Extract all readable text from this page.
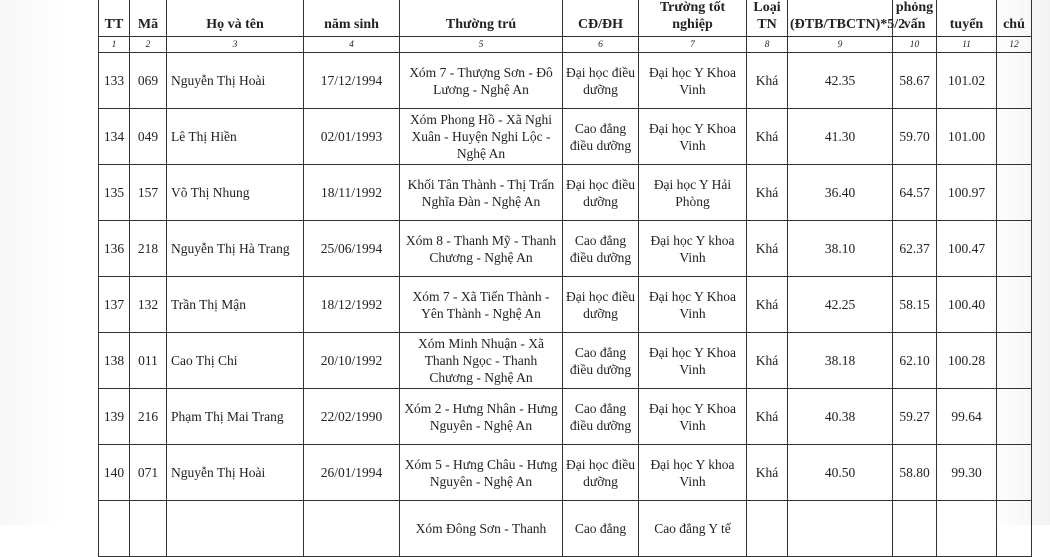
TT	Mã	Họ và tên	năm sinh	Thường trú	CĐ/ĐH	Trường tốt nghiệp	Loại TN	(ĐTB/TBCTN)*5/2	phỏng vấn	tuyển	chú
1	2	3	4	5	6	7	8	9	10	11	12
133	069	Nguyễn Thị Hoài	17/12/1994	Xóm 7 - Thượng Sơn - Đô Lương - Nghệ An	Đại học điều dưỡng	Đại học Y Khoa Vinh	Khá	42.35	58.67	101.02	
134	049	Lê Thị Hiền	02/01/1993	Xóm Phong Hồ - Xã Nghi Xuân - Huyện Nghi Lộc - Nghệ An	Cao đẳng điều dưỡng	Đại học Y Khoa Vinh	Khá	41.30	59.70	101.00	
135	157	Võ Thị Nhung	18/11/1992	Khối Tân Thành - Thị Trấn Nghĩa Đàn - Nghệ An	Đại học điều dưỡng	Đại học Y Hải Phòng	Khá	36.40	64.57	100.97	
136	218	Nguyễn Thị Hà Trang	25/06/1994	Xóm 8 - Thanh Mỹ - Thanh Chương - Nghệ An	Cao đẳng điều dưỡng	Đại học Y khoa Vinh	Khá	38.10	62.37	100.47	
137	132	Trần Thị Mận	18/12/1992	Xóm 7 - Xã Tiến Thành - Yên Thành - Nghệ An	Đại học điều dưỡng	Đại học Y Khoa Vinh	Khá	42.25	58.15	100.40	
138	011	Cao Thị Chi	20/10/1992	Xóm Minh Nhuận - Xã Thanh Ngọc - Thanh Chương - Nghệ An	Cao đẳng điều dưỡng	Đại học Y Khoa Vinh	Khá	38.18	62.10	100.28	
139	216	Phạm Thị Mai Trang	22/02/1990	Xóm 2 - Hưng Nhân - Hưng Nguyên - Nghệ An	Cao đẳng điều dưỡng	Đại học Y Khoa Vinh	Khá	40.38	59.27	99.64	
140	071	Nguyễn Thị Hoài	26/01/1994	Xóm 5 - Hưng Châu - Hưng Nguyên - Nghệ An	Đại học điều dưỡng	Đại học Y khoa Vinh	Khá	40.50	58.80	99.30	
				Xóm Đông Sơn - Thanh	Cao đẳng	Cao đẳng Y tế					
